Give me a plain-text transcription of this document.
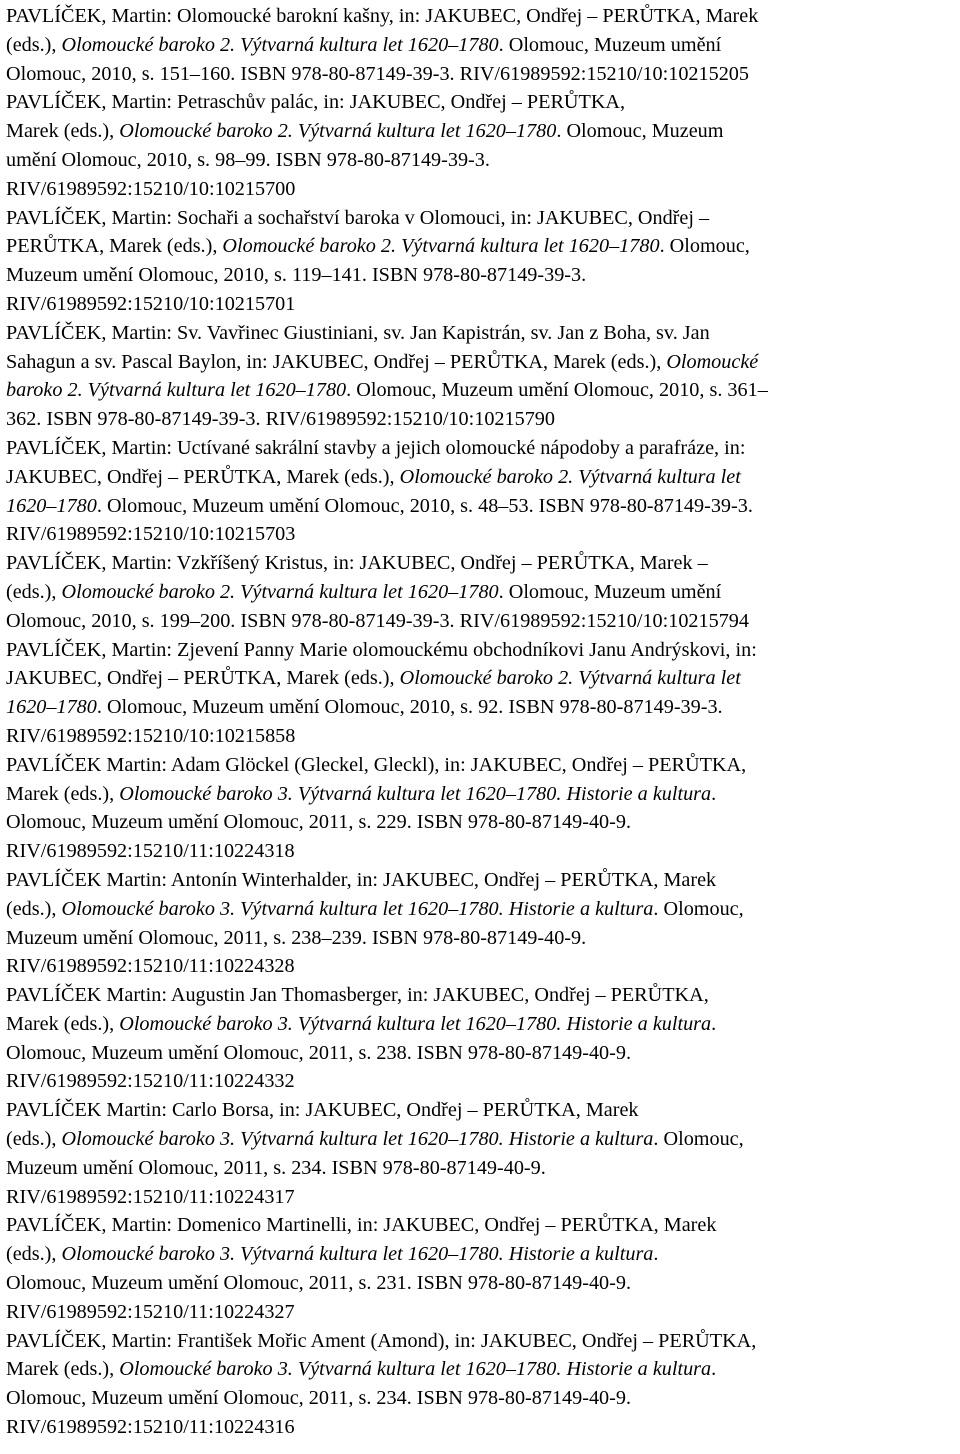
PAVLÍČEK, Martin: Olomoucké barokní kašny, in: JAKUBEC, Ondřej – PERŮTKA, Marek
(eds.), Olomoucké baroko 2. Výtvarná kultura let 1620–1780. Olomouc, Muzeum umění
Olomouc, 2010, s. 151–160. ISBN 978-80-87149-39-3. RIV/61989592:15210/10:10215205
PAVLÍČEK, Martin: Petraschův palác, in: JAKUBEC, Ondřej – PERŮTKA,
Marek (eds.), Olomoucké baroko 2. Výtvarná kultura let 1620–1780. Olomouc, Muzeum
umění Olomouc, 2010, s. 98–99. ISBN 978-80-87149-39-3.
RIV/61989592:15210/10:10215700
PAVLÍČEK, Martin: Sochaři a sochařství baroka v Olomouci, in: JAKUBEC, Ondřej –
PERŮTKA, Marek (eds.), Olomoucké baroko 2. Výtvarná kultura let 1620–1780. Olomouc,
Muzeum umění Olomouc, 2010, s. 119–141. ISBN 978-80-87149-39-3.
RIV/61989592:15210/10:10215701
PAVLÍČEK, Martin: Sv. Vavřinec Giustiniani, sv. Jan Kapistrán, sv. Jan z Boha, sv. Jan
Sahagun a sv. Pascal Baylon, in: JAKUBEC, Ondřej – PERŮTKA, Marek (eds.), Olomoucké
baroko 2. Výtvarná kultura let 1620–1780. Olomouc, Muzeum umění Olomouc, 2010, s. 361–
362. ISBN 978-80-87149-39-3. RIV/61989592:15210/10:10215790
PAVLÍČEK, Martin: Uctívané sakrální stavby a jejich olomoucké nápodoby a parafráze, in:
JAKUBEC, Ondřej – PERŮTKA, Marek (eds.), Olomoucké baroko 2. Výtvarná kultura let
1620–1780. Olomouc, Muzeum umění Olomouc, 2010, s. 48–53. ISBN 978-80-87149-39-3.
RIV/61989592:15210/10:10215703
PAVLÍČEK, Martin: Vzkříšený Kristus, in: JAKUBEC, Ondřej – PERŮTKA, Marek –
(eds.), Olomoucké baroko 2. Výtvarná kultura let 1620–1780. Olomouc, Muzeum umění
Olomouc, 2010, s. 199–200. ISBN 978-80-87149-39-3. RIV/61989592:15210/10:10215794
PAVLÍČEK, Martin: Zjevení Panny Marie olomouckému obchodníkovi Janu Andrýskovi, in:
JAKUBEC, Ondřej – PERŮTKA, Marek (eds.), Olomoucké baroko 2. Výtvarná kultura let
1620–1780. Olomouc, Muzeum umění Olomouc, 2010, s. 92. ISBN 978-80-87149-39-3.
RIV/61989592:15210/10:10215858
PAVLÍČEK Martin: Adam Glöckel (Gleckel, Gleckl), in: JAKUBEC, Ondřej – PERŮTKA,
Marek (eds.), Olomoucké baroko 3. Výtvarná kultura let 1620–1780. Historie a kultura.
Olomouc, Muzeum umění Olomouc, 2011, s. 229. ISBN 978-80-87149-40-9.
RIV/61989592:15210/11:10224318
PAVLÍČEK Martin: Antonín Winterhalder, in: JAKUBEC, Ondřej – PERŮTKA, Marek
(eds.), Olomoucké baroko 3. Výtvarná kultura let 1620–1780. Historie a kultura. Olomouc,
Muzeum umění Olomouc, 2011, s. 238–239. ISBN 978-80-87149-40-9.
RIV/61989592:15210/11:10224328
PAVLÍČEK Martin: Augustin Jan Thomasberger, in: JAKUBEC, Ondřej – PERŮTKA,
Marek (eds.), Olomoucké baroko 3. Výtvarná kultura let 1620–1780. Historie a kultura.
Olomouc, Muzeum umění Olomouc, 2011, s. 238. ISBN 978-80-87149-40-9.
RIV/61989592:15210/11:10224332
PAVLÍČEK Martin: Carlo Borsa, in: JAKUBEC, Ondřej – PERŮTKA, Marek
(eds.), Olomoucké baroko 3. Výtvarná kultura let 1620–1780. Historie a kultura. Olomouc,
Muzeum umění Olomouc, 2011, s. 234. ISBN 978-80-87149-40-9.
RIV/61989592:15210/11:10224317
PAVLÍČEK, Martin: Domenico Martinelli, in: JAKUBEC, Ondřej – PERŮTKA, Marek
(eds.), Olomoucké baroko 3. Výtvarná kultura let 1620–1780. Historie a kultura.
Olomouc, Muzeum umění Olomouc, 2011, s. 231. ISBN 978-80-87149-40-9.
RIV/61989592:15210/11:10224327
PAVLÍČEK, Martin: František Mořic Ament (Amond), in: JAKUBEC, Ondřej – PERŮTKA,
Marek (eds.), Olomoucké baroko 3. Výtvarná kultura let 1620–1780. Historie a kultura.
Olomouc, Muzeum umění Olomouc, 2011, s. 234. ISBN 978-80-87149-40-9.
RIV/61989592:15210/11:10224316
